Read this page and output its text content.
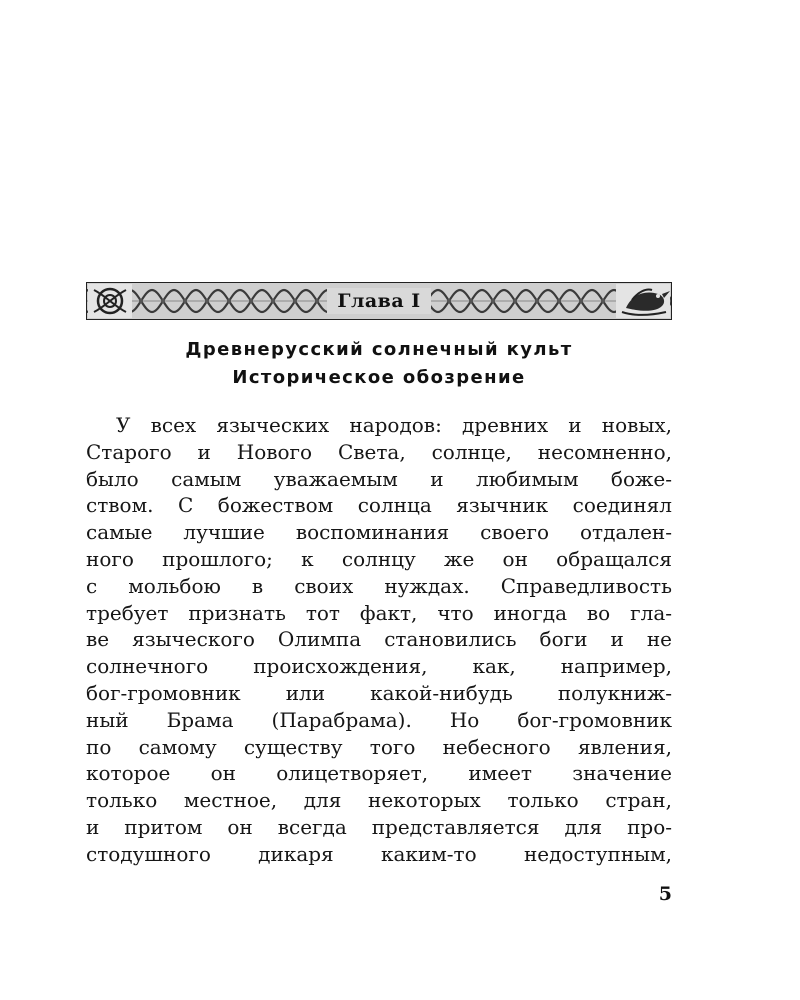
Глава I
Древнерусский солнечный культ
Историческое обозрение
У всех языческих народов: древних и новых,
Старого и Нового Света, солнце, несомненно,
было самым уважаемым и любимым боже-
ством. С божеством солнца язычник соединял
самые лучшие воспоминания своего отдален-
ного прошлого; к солнцу же он обращался
с мольбою в своих нуждах. Справедливость
требует признать тот факт, что иногда во гла-
ве языческого Олимпа становились боги и не
солнечного происхождения, как, например,
бог-громовник или какой-нибудь полукниж-
ный Брама (Парабрама). Но бог-громовник
по самому существу того небесного явления,
которое он олицетворяет, имеет значение
только местное, для некоторых только стран,
и притом он всегда представляется для про-
стодушного дикаря каким-то недоступным,
5
